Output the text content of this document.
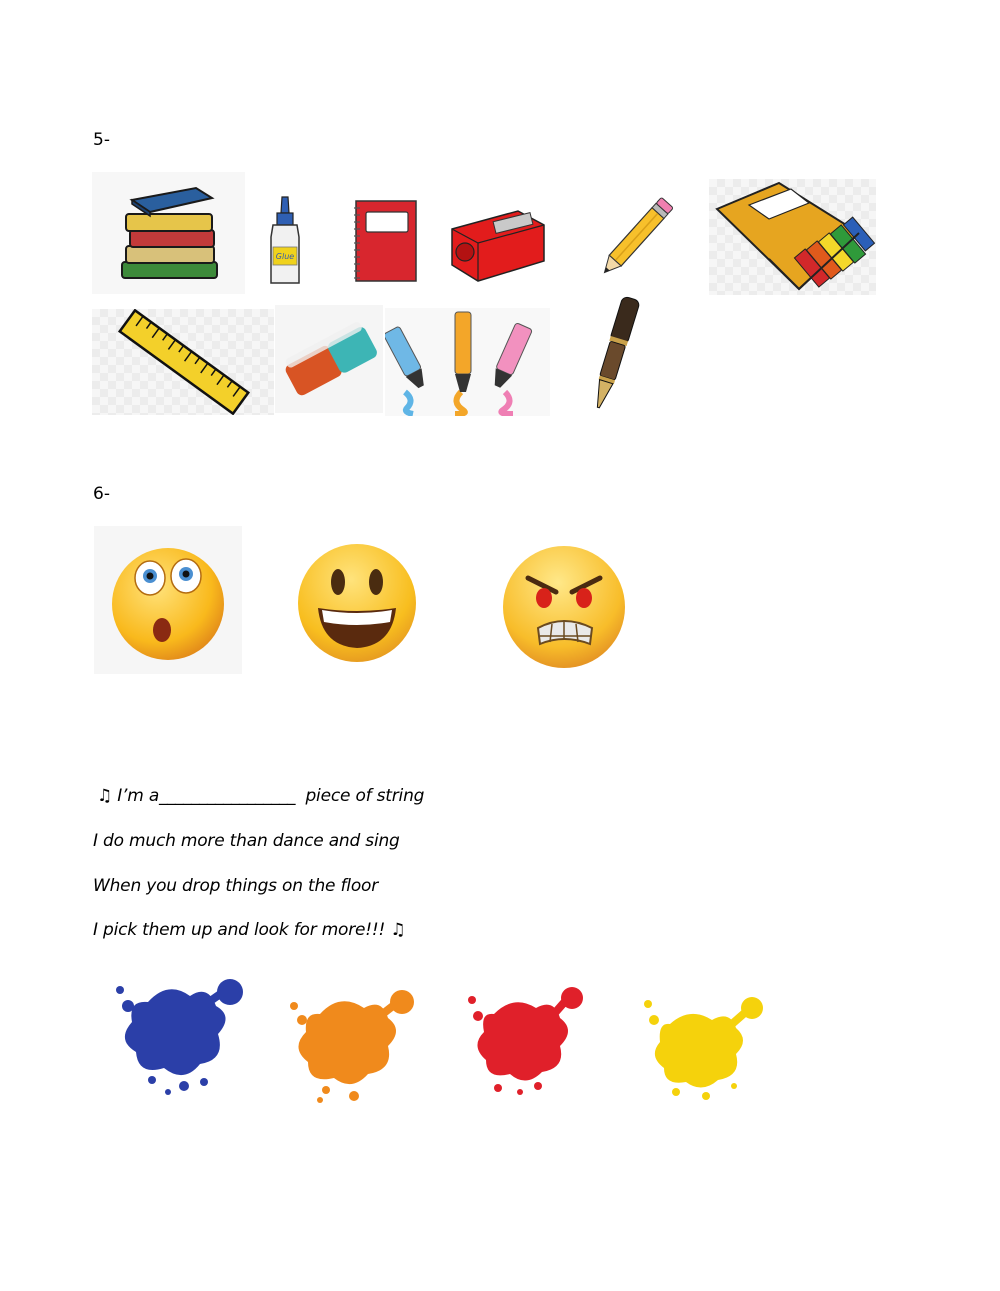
5-
Glue
6-
♫ I’m a_________________ piece of string
I do much more than dance and sing
When you drop things on the floor
I pick them up and look for more!!! ♫
